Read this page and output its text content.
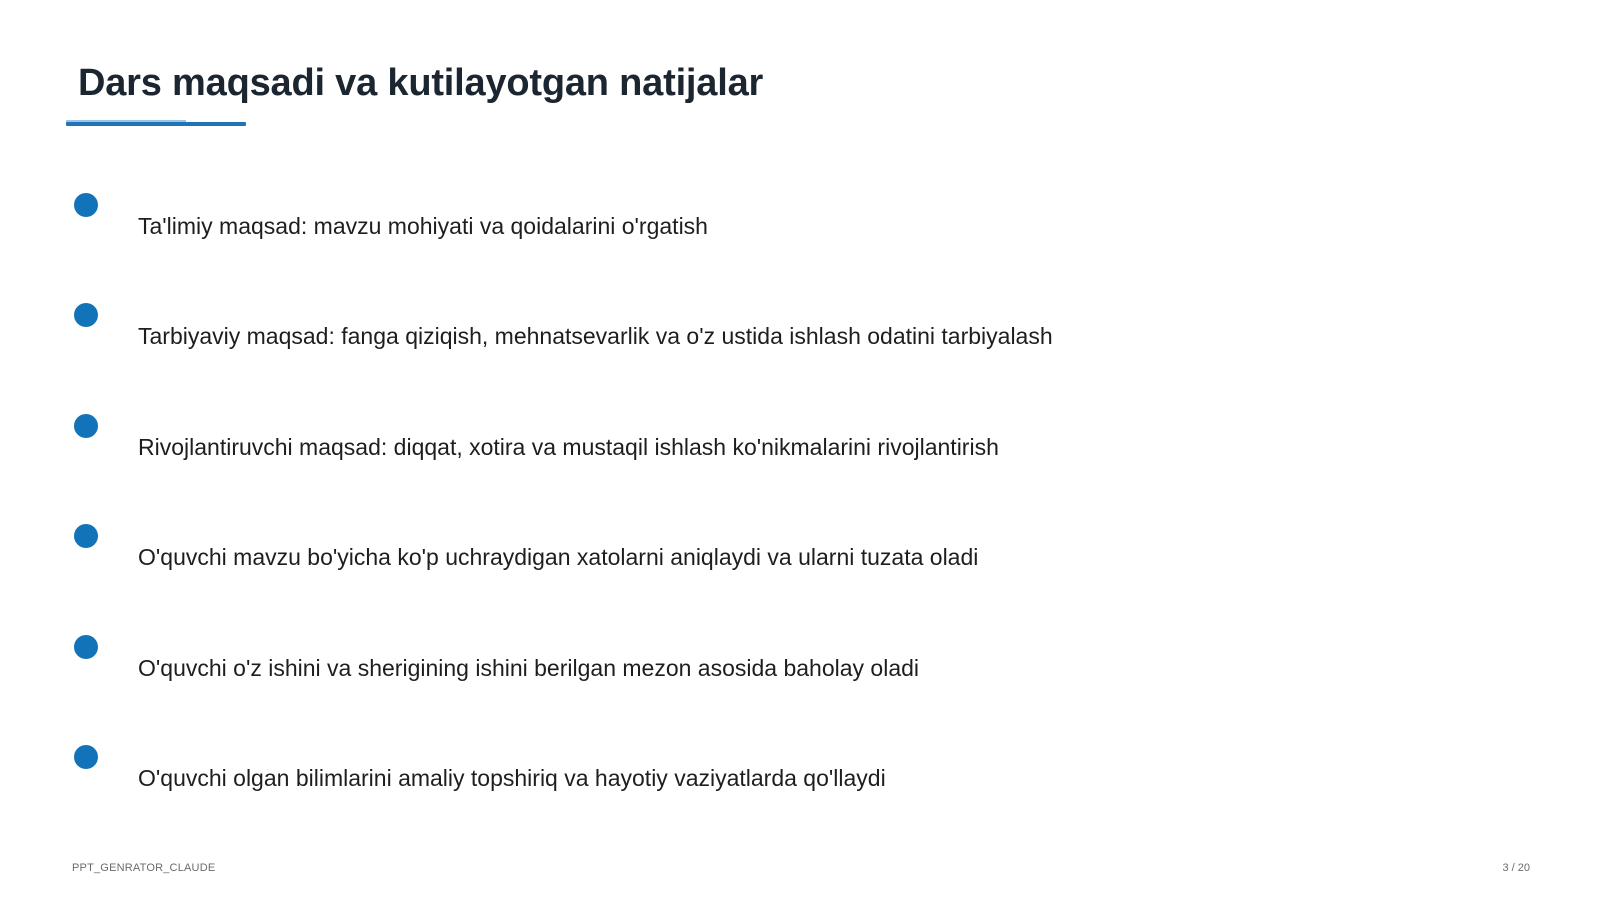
Dars maqsadi va kutilayotgan natijalar
Ta'limiy maqsad: mavzu mohiyati va qoidalarini o'rgatish
Tarbiyaviy maqsad: fanga qiziqish, mehnatsevarlik va o'z ustida ishlash odatini tarbiyalash
Rivojlantiruvchi maqsad: diqqat, xotira va mustaqil ishlash ko'nikmalarini rivojlantirish
O'quvchi mavzu bo'yicha ko'p uchraydigan xatolarni aniqlaydi va ularni tuzata oladi
O'quvchi o'z ishini va sherigining ishini berilgan mezon asosida baholay oladi
O'quvchi olgan bilimlarini amaliy topshiriq va hayotiy vaziyatlarda qo'llaydi
PPT_GENRATOR_CLAUDE	3 / 20
